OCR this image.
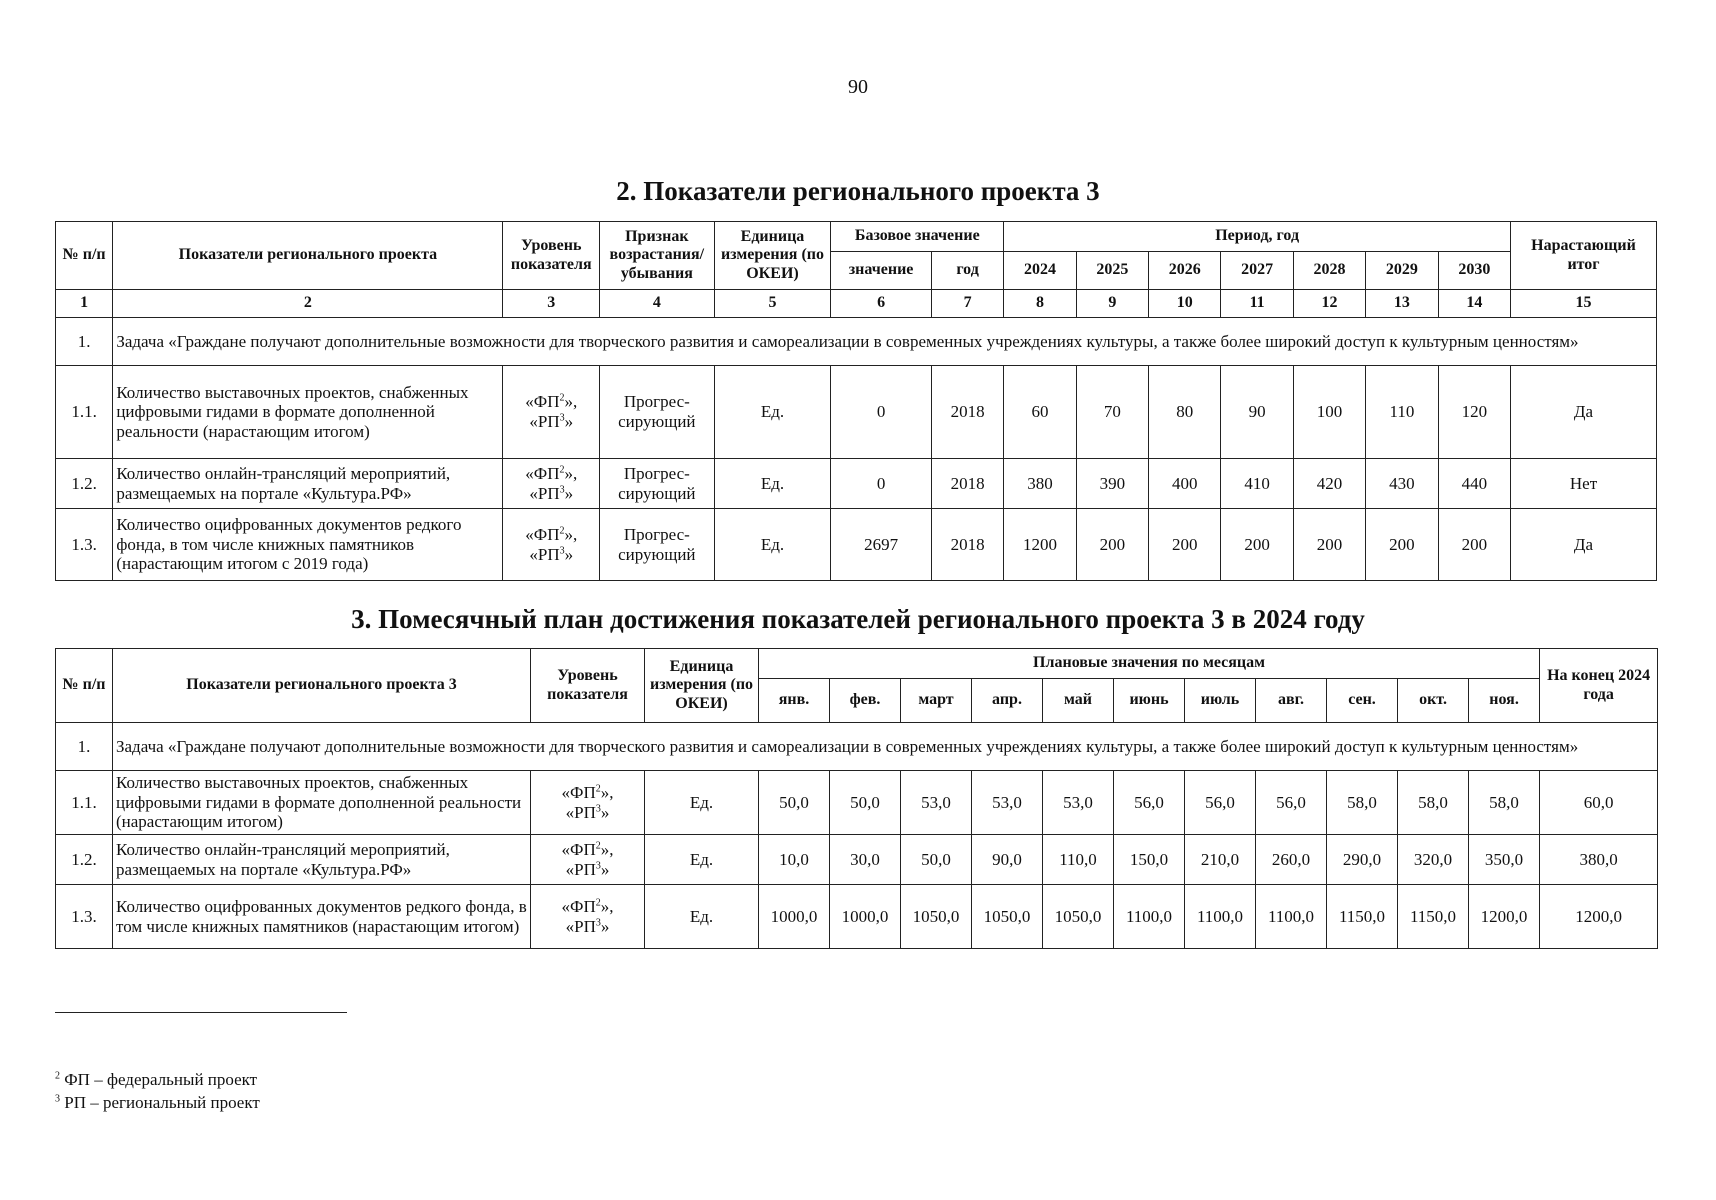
90
2. Показатели регионального проекта 3
№ п/п	Показатели регионального проекта	Уровень показателя	Признак возрастания/ убывания	Единица измерения (по ОКЕИ)	Базовое значение		Период, год							Нарастающий итог
					значение	год	2024	2025	2026	2027	2028	2029	2030	
1	2	3	4	5	6	7	8	9	10	11	12	13	14	15
1.	Задача «Граждане получают дополнительные возможности для творческого развития и самореализации в современных учреждениях культуры, а также более широкий доступ к культурным ценностям»													
1.1.	Количество выставочных проектов, снабженных цифровыми гидами в формате дополненной реальности (нарастающим итогом)	«$ФП^2$»,
«$РП^3$»	Прогрес-сирующий	Ед.	0	2018	60	70	80	90	100	110	120	Да
1.2.	Количество онлайн-трансляций мероприятий, размещаемых на портале «Культура.РФ»	«$ФП^2$»,
«$РП^3$»	Прогрес-сирующий	Ед.	0	2018	380	390	400	410	420	430	440	Нет
1.3.	Количество оцифрованных документов редкого фонда, в том числе книжных памятников (нарастающим итогом с 2019 года)	«$ФП^2$»,
«$РП^3$»	Прогрес-сирующий	Ед.	2697	2018	1200	200	200	200	200	200	200	Да
3. Помесячный план достижения показателей регионального проекта 3 в 2024 году
№ п/п	Показатели регионального проекта 3	Уровень показателя	Единица измерения (по ОКЕИ)	Плановые значения по месяцам											На конец 2024 года
				янв.	фев.	март	апр.	май	июнь	июль	авг.	сен.	окт.	ноя.	
1.	Задача «Граждане получают дополнительные возможности для творческого развития и самореализации в современных учреждениях культуры, а также более широкий доступ к культурным ценностям»														
1.1.	Количество выставочных проектов, снабженных цифровыми гидами в формате дополненной реальности (нарастающим итогом)	«$ФП^2$»,
«$РП^3$»	Ед.	50,0	50,0	53,0	53,0	53,0	56,0	56,0	56,0	58,0	58,0	58,0	60,0
1.2.	Количество онлайн-трансляций мероприятий, размещаемых на портале «Культура.РФ»	«$ФП^2$»,
«$РП^3$»	Ед.	10,0	30,0	50,0	90,0	110,0	150,0	210,0	260,0	290,0	320,0	350,0	380,0
1.3.	Количество оцифрованных документов редкого фонда, в том числе книжных памятников (нарастающим итогом)	«$ФП^2$»,
«$РП^3$»	Ед.	1000,0	1000,0	1050,0	1050,0	1050,0	1100,0	1100,0	1100,0	1150,0	1150,0	1200,0	1200,0
$^2$ ФП – федеральный проект
$^3$ РП – региональный проект
